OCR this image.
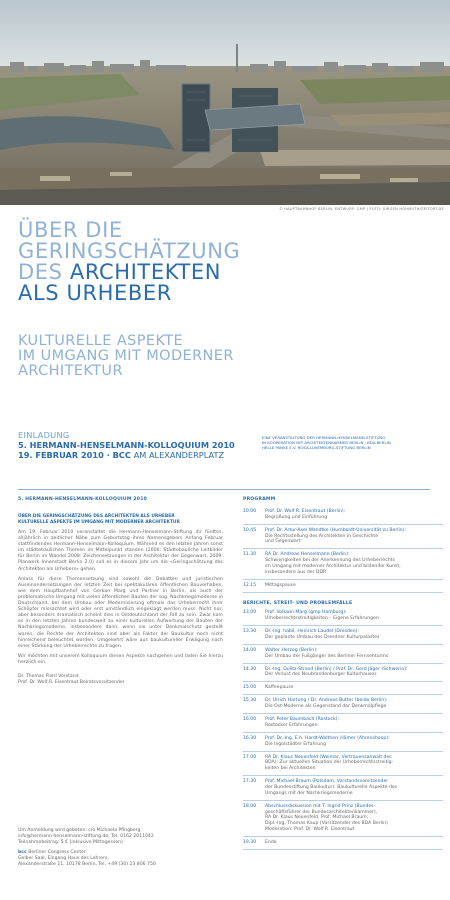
© HAUPTBAHNHOF BERLIN, ENTWURF: GMP | FOTO: JÜRGEN HOHMUTH/ZEITORT.DE
ÜBER DIE
GERINGSCHÄTZUNG
DES ARCHITEKTEN
ALS URHEBER
KULTURELLE ASPEKTE
IM UMGANG MIT MODERNER
ARCHITEKTUR
EINLADUNG
5. HERMANN-HENSELMANN-KOLLOQUIUM 2010
19. FEBRUAR 2010 · BCC AM ALEXANDERPLATZ
EINE VERANSTALTUNG DER HERMANN-HENSELMANN-STIFTUNG
IN KOOPERATION MIT ARCHITEKTENKAMMER BERLIN · BDA BERLIN
HELLE PANKE E.V. ROSA-LUXEMBURG-STIFTUNG BERLIN
5. HERMANN-HENSELMANN-KOLLOQUIUM 2010
ÜBER DIE GERINGSCHÄTZUNG DES ARCHITEKTEN ALS URHEBER
KULTURELLE ASPEKTE IM UMGANG MIT MODERNER ARCHITEKTUR

Am 19. Februar 2010 veranstaltet die Hermann-Henselmann-Stiftung ihr fünftes, alljährlich in zeitlicher Nähe zum Geburtstag ihres Namensgebers Anfang Februar stattfindendes Hermann-Henselmann-Kolloquium. Während es den letzten Jahren sonst im städtebaulichen Themen im Mittelpunkt standen (2006: Städtebauliche Leitbilder für Berlin im Wandel 2008: Zeichensetzungen in der Architektur der Gegenwart, 2009: Planwerk Innenstadt Berlin 2.0) soll es in diesem Jahr um die «Geringschätzung des Architekten als Urhebers» gehen.

Anlass für diese Themensetzung sind sowohl die Debatten und juristischen Auseinandersetzungen der letzten Zeit bei spektakulären öffentlichen Bauvorhaben, wie dem Hauptbahnhof von Gerkan Marg und Partner in Berlin, als auch der problematische Umgang mit vielen öffentlichen Bauten der sog. Nachkriegsmoderne in Deutschland, bei dem Umbau oder Modernisierung oftmals das Urheberrecht ihrer Schöpfer missachtet wird oder erst umständlich eingeklagt werden muss. Nicht nur, aber besonders dramatisch scheint dies in Ostdeutschland der Fall zu sein. Zwar kam es in den letzten Jahren bundesweit zu einer kulturellen Aufwertung der Bauten der Nachkriegsmoderne, insbesondere dann, wenn sie unter Denkmalschutz gestellt waren, die Rechte der Architekten sind aber als Faktor der Baukultur noch nicht hinreichend beleuchtet worden. Umgekehrt wäre aus baukultureller Erwägung nach einer Stärkung der Urheberrechte zu fragen.

Wir möchten mit unserem Kolloquium diesen Aspekte nachgehen und laden Sie hierzu herzlich ein.

Dr. Thomas Flierl Vorstand
Prof. Dr. Wolf R. Eisentraut Beiratsvorsitzender
Um Anmeldung wird gebeten: c/o Michaela Pfingberg
info@hermann-henselmann-stiftung.de, Tel. 0162 2011042
Teilnahmebeitrag: 5 € (inklusive Mittagessen)
bcc Berliner Congress Center
Gelber Saal, Eingang Haus des Lehrers,
Alexanderstraße 11, 10178 Berlin, Tel. +49 (30) 23 806 750
PROGRAMM
10.00	Prof. Dr. Wolf R. Eisentraut (Berlin):
Begrüßung und Einführung
10.45	Prof. Dr. Artur-Axel Wandtke (Humboldt-Universität zu Berlin):
Die Rechtsstellung des Architekten in Geschichte
und Gegenwart
11.30	RA Dr. Andreas Henselmann (Berlin):
Schwierigkeiten bei der Anerkennung des Urheberrechts
im Umgang mit moderner Architektur und bildender Kunst,
insbesondere aus der DDR
12.15	Mittagspause
BERICHTE, STREIT- UND PROBLEMFÄLLE
13.00	Prof. Volkwin Marg (gmp Hamburg):
Urheberrechtsstreitigkeiten – Eigene Erfahrungen
13.30	Dr.-Ing. habil. Heinrich Laudel (Dresden):
Der geplante Umbau des Dresdner Kulturpalastes
14.00	Walter Herzog (Berlin):
Der Umbau der Fußgänger des Berliner Fernsehturms
14.30	Dr.-Ing. Dulitz-Strand (Berlin) / Prof. Dr. Gerd Jäger (Schwerin):
Der Verlust des Neubrandenburger Kulturhauses
15.00	Kaffeepause
15.30	Dr. Ulrich Hartung / Dr. Andreas Butter (beide Berlin):
Die Ost-Moderne als Gegenstand der Denkmalpflege
16.00	Prof. Peter Baumbach (Rostock):
Rostocker Erfahrungen
16.30	Prof. Dr.-Ing. E.h. Hardt-Waltherr Hämer (Ahrenshoop):
Die Ingolstädter Erfahrung
17.00	RA Dr. Klaus Neuenfeld (Weimar, Vertrauensanwalt des
BDA): Zur aktuellen Situation der Urheberrechtsstreitig-
keiten bei Architekten
17.30	Prof. Michael Braum (Potsdam, Vorstandsvorsitzender
der Bundesstiftung Baukultur): Baukulturelle Aspekte des
Umgangs mit der Nachkriegsmoderne
18.00	Abschlussdiskussion mit T. Ingrid Prinz (Bundes-
geschäftsführer der Bundesarchitektenkammer),
RA Dr. Klaus Neuenfeld, Prof. Michael Braum;
Dipl.-Ing. Thomas Kaup (Vorsitzender des BDA Berlin)
Moderation: Prof. Dr. Wolf R. Eisentraut
19.30	Ende
